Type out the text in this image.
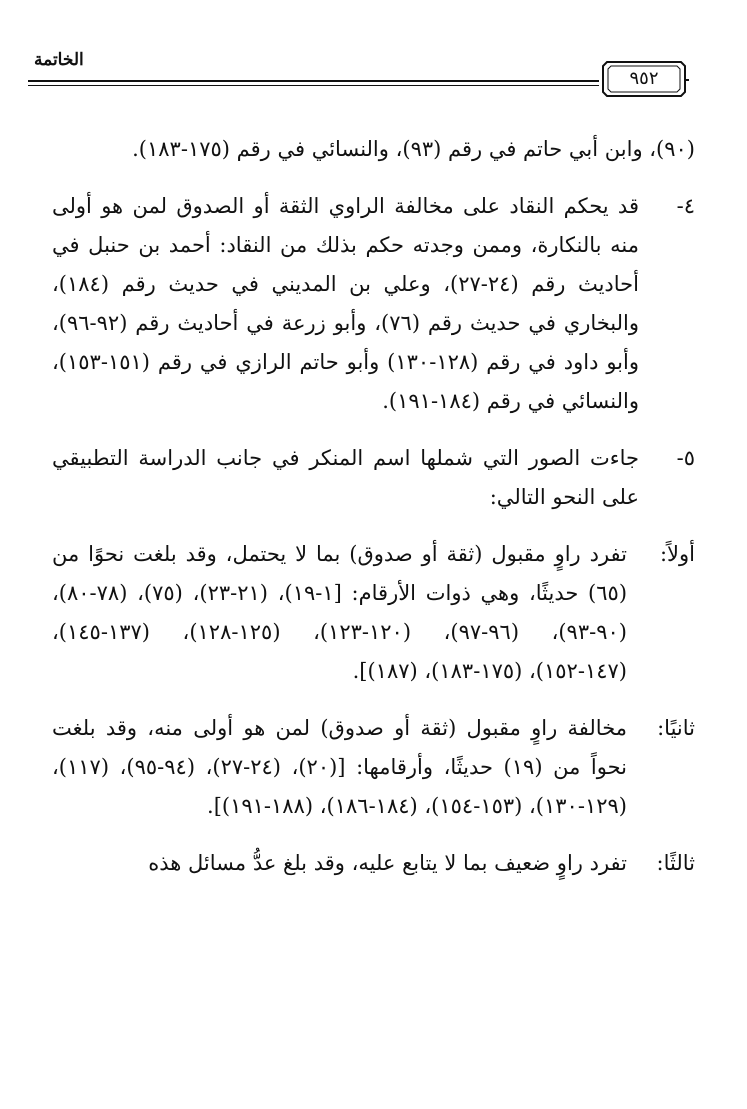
الخاتمة
٩٥٢
(٩٠)، وابن أبي حاتم في رقم (٩٣)، والنسائي في رقم (١٧٥-١٨٣).
٤-
قد يحكم النقاد على مخالفة الراوي الثقة أو الصدوق لمن هو أولى منه بالنكارة، وممن وجدته حكم بذلك من النقاد: أحمد بن حنبل في أحاديث رقم (٢٤-٢٧)، وعلي بن المديني في حديث رقم (١٨٤)، والبخاري في حديث رقم (٧٦)، وأبو زرعة في أحاديث رقم (٩٢-٩٦)، وأبو داود في رقم (١٢٨-١٣٠) وأبو حاتم الرازي في رقم (١٥١-١٥٣)، والنسائي في رقم (١٨٤-١٩١).
٥-
جاءت الصور التي شملها اسم المنكر في جانب الدراسة التطبيقي على النحو التالي:
أولاً:
تفرد راوٍ مقبول (ثقة أو صدوق) بما لا يحتمل، وقد بلغت نحوًا من (٦٥) حديثًا، وهي ذوات الأرقام: [١-١٩)، (٢١-٢٣)، (٧٥)، (٧٨-٨٠)، (٩٠-٩٣)، (٩٦-٩٧)، (١٢٠-١٢٣)، (١٢٥-١٢٨)، (١٣٧-١٤٥)، (١٤٧-١٥٢)، (١٧٥-١٨٣)، (١٨٧)].
ثانيًا:
مخالفة راوٍ مقبول (ثقة أو صدوق) لمن هو أولى منه، وقد بلغت نحواً من (١٩) حديثًا، وأرقامها: [(٢٠)، (٢٤-٢٧)، (٩٤-٩٥)، (١١٧)، (١٢٩-١٣٠)، (١٥٣-١٥٤)، (١٨٤-١٨٦)، (١٨٨-١٩١)].
ثالثًا:
تفرد راوٍ ضعيف بما لا يتابع عليه، وقد بلغ عدُّ مسائل هذه
